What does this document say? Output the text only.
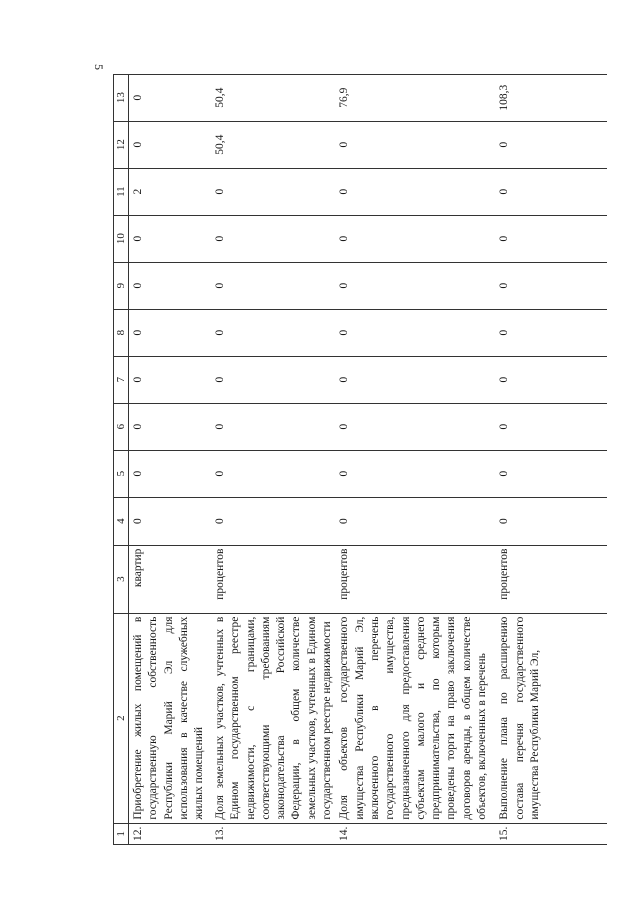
5
1	2	3	4	5	6	7	8	9	10	11	12	13
12.	Приобретение жилых помещений в государственную собственность Республики Марий Эл для использования в качестве служебных жилых помещений	квартир	0	0	0	0	0	0	0	2	0	0
13.	Доля земельных участков, учтенных в Едином государственном реестре недвижимости, с границами, соответствующими требованиям законодательства Российской Федерации, в общем количестве земельных участков, учтенных в Едином государственном реестре недвижимости	процентов	0	0	0	0	0	0	0	0	50,4	50,4
14.	Доля объектов государственного имущества Республики Марий Эл, включенного в перечень государственного имущества, предназначенного для предоставления субъектам малого и среднего предпринимательства, по которым проведены торги на право заключения договоров аренды, в общем количестве объектов, включенных в перечень	процентов	0	0	0	0	0	0	0	0	0	76,9
15.	Выполнение плана по расширению состава перечня государственного имущества Республики Марий Эл,	процентов	0	0	0	0	0	0	0	0	0	108,3
